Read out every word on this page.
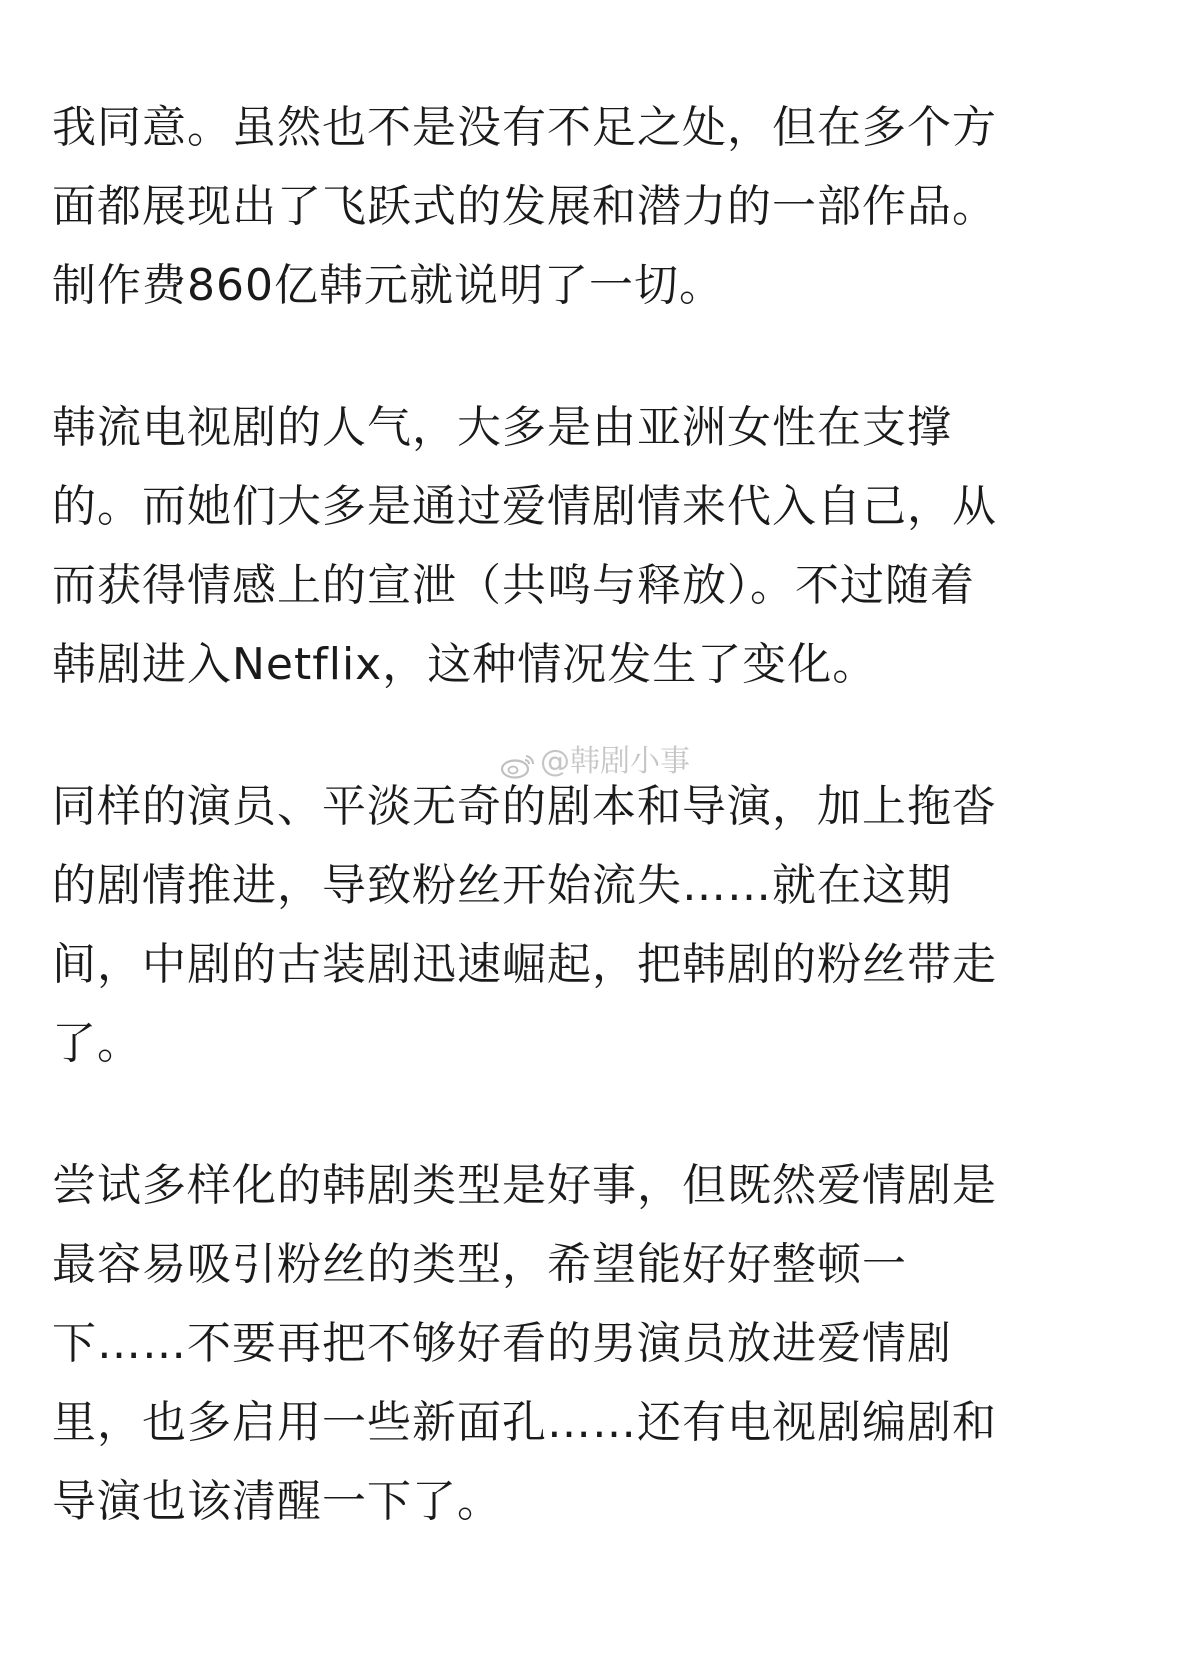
我同意。虽然也不是没有不足之处，但在多个方
面都展现出了飞跃式的发展和潜力的一部作品。
制作费860亿韩元就说明了一切。
韩流电视剧的人气，大多是由亚洲女性在支撑
的。而她们大多是通过爱情剧情来代入自己，从
而获得情感上的宣泄（共鸣与释放）。不过随着
韩剧进入Netflix，这种情况发生了变化。
同样的演员、平淡无奇的剧本和导演，加上拖沓
的剧情推进，导致粉丝开始流失……就在这期
间，中剧的古装剧迅速崛起，把韩剧的粉丝带走
了。
尝试多样化的韩剧类型是好事，但既然爱情剧是
最容易吸引粉丝的类型，希望能好好整顿一
下……不要再把不够好看的男演员放进爱情剧
里，也多启用一些新面孔……还有电视剧编剧和
导演也该清醒一下了。
@韩剧小事
